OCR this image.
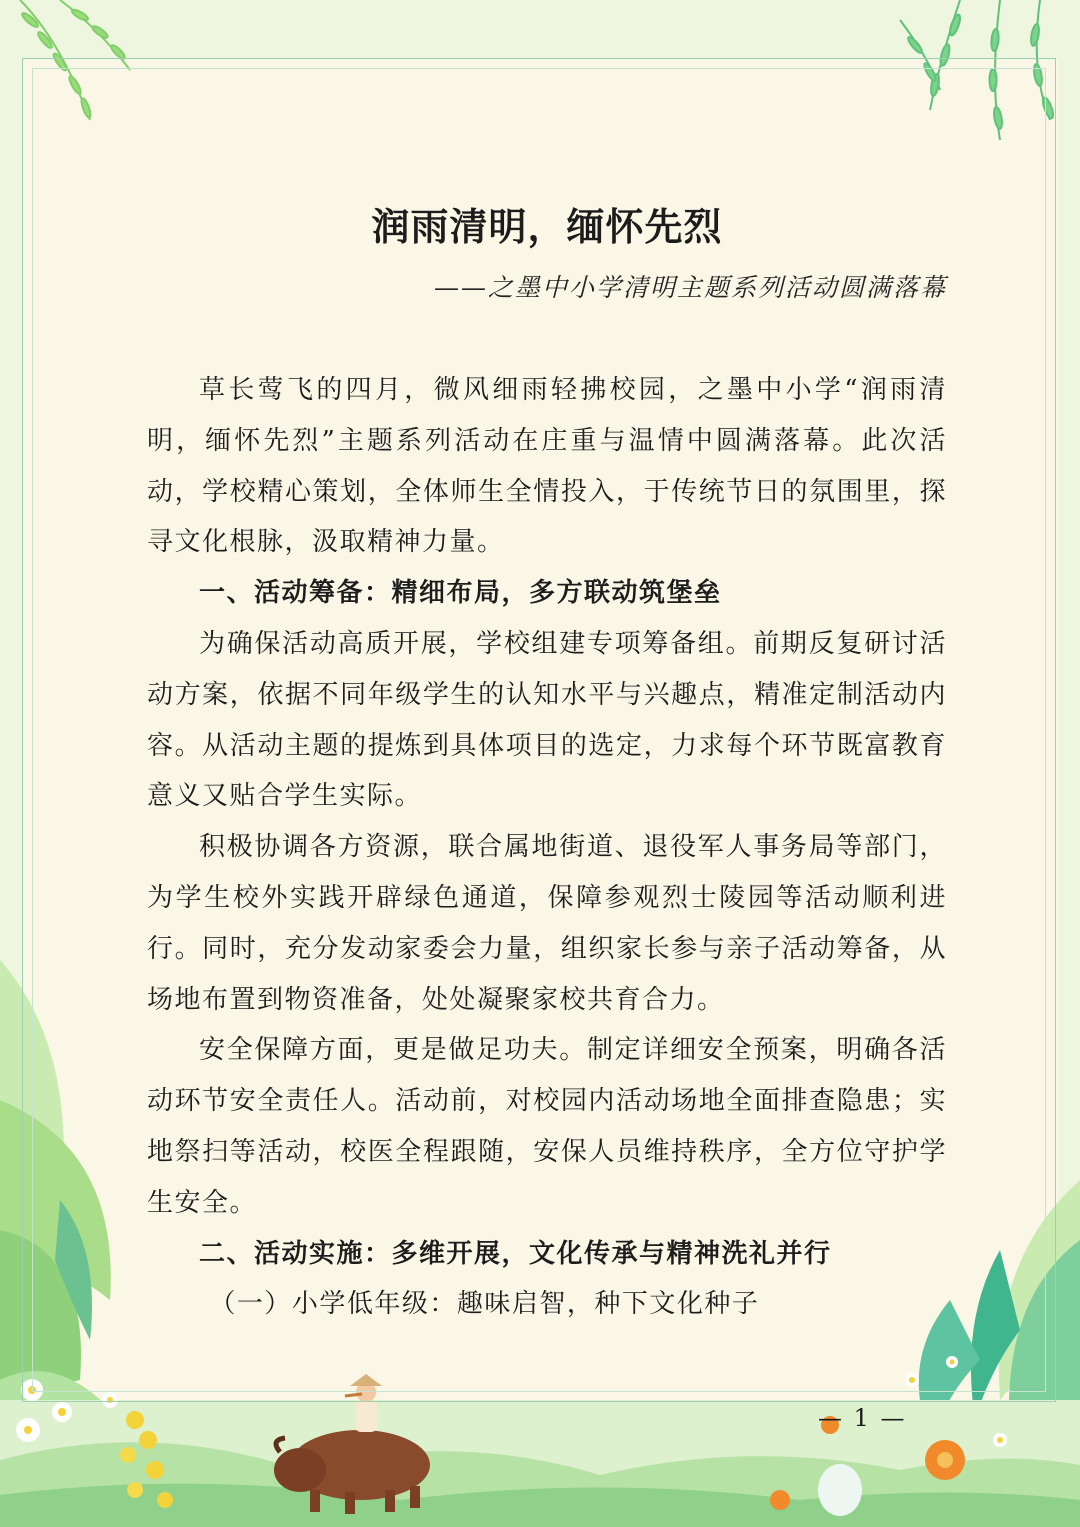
润雨清明，缅怀先烈

——之墨中小学清明主题系列活动圆满落幕

草长莺飞的四月，微风细雨轻拂校园，之墨中小学“润雨清明，缅怀先烈”主题系列活动在庄重与温情中圆满落幕。此次活动，学校精心策划，全体师生全情投入，于传统节日的氛围里，探寻文化根脉，汲取精神力量。

一、活动筹备：精细布局，多方联动筑堡垒

为确保活动高质开展，学校组建专项筹备组。前期反复研讨活动方案，依据不同年级学生的认知水平与兴趣点，精准定制活动内容。从活动主题的提炼到具体项目的选定，力求每个环节既富教育意义又贴合学生实际。

积极协调各方资源，联合属地街道、退役军人事务局等部门，为学生校外实践开辟绿色通道，保障参观烈士陵园等活动顺利进行。同时，充分发动家委会力量，组织家长参与亲子活动筹备，从场地布置到物资准备，处处凝聚家校共育合力。

安全保障方面，更是做足功夫。制定详细安全预案，明确各活动环节安全责任人。活动前，对校园内活动场地全面排查隐患；实地祭扫等活动，校医全程跟随，安保人员维持秩序，全方位守护学生安全。

二、活动实施：多维开展，文化传承与精神洗礼并行

（一）小学低年级：趣味启智，种下文化种子

— 1 —
